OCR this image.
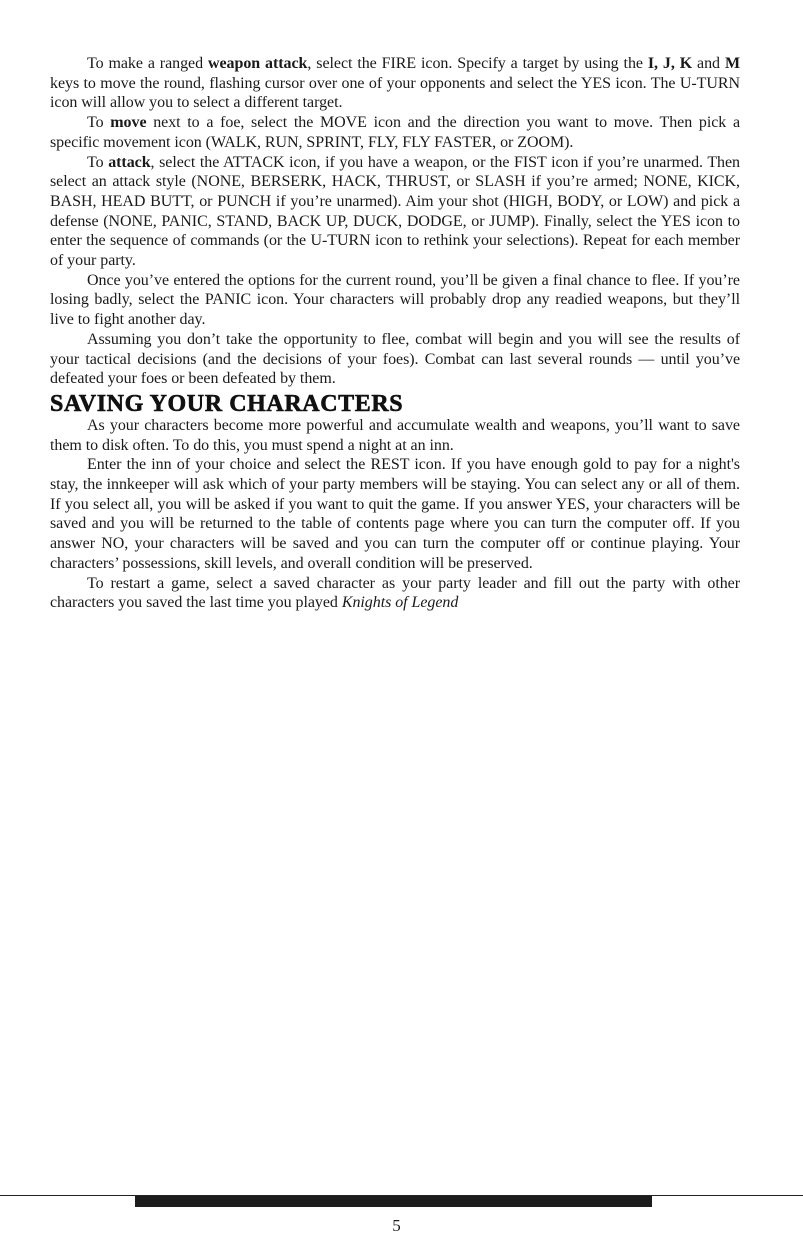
To make a ranged weapon attack, select the FIRE icon. Specify a target by using the I, J, K and M keys to move the round, flashing cursor over one of your opponents and select the YES icon. The U-TURN icon will allow you to select a different target.

To move next to a foe, select the MOVE icon and the direction you want to move. Then pick a specific movement icon (WALK, RUN, SPRINT, FLY, FLY FASTER, or ZOOM).

To attack, select the ATTACK icon, if you have a weapon, or the FIST icon if you’re unarmed. Then select an attack style (NONE, BERSERK, HACK, THRUST, or SLASH if you’re armed; NONE, KICK, BASH, HEAD BUTT, or PUNCH if you’re unarmed). Aim your shot (HIGH, BODY, or LOW) and pick a defense (NONE, PANIC, STAND, BACK UP, DUCK, DODGE, or JUMP). Finally, select the YES icon to enter the sequence of commands (or the U-TURN icon to rethink your selections). Repeat for each member of your party.

Once you’ve entered the options for the current round, you’ll be given a final chance to flee. If you’re losing badly, select the PANIC icon. Your characters will probably drop any readied weapons, but they’ll live to fight another day.

Assuming you don’t take the opportunity to flee, combat will begin and you will see the results of your tactical decisions (and the decisions of your foes). Combat can last several rounds — until you’ve defeated your foes or been defeated by them.

SAVING YOUR CHARACTERS

As your characters become more powerful and accumulate wealth and weapons, you’ll want to save them to disk often. To do this, you must spend a night at an inn.

Enter the inn of your choice and select the REST icon. If you have enough gold to pay for a night's stay, the innkeeper will ask which of your party members will be staying. You can select any or all of them. If you select all, you will be asked if you want to quit the game. If you answer YES, your characters will be saved and you will be returned to the table of contents page where you can turn the computer off. If you answer NO, your characters will be saved and you can turn the computer off or continue playing. Your characters’ possessions, skill levels, and overall condition will be preserved.

To restart a game, select a saved character as your party leader and fill out the party with other characters you saved the last time you played Knights of Legend

5
